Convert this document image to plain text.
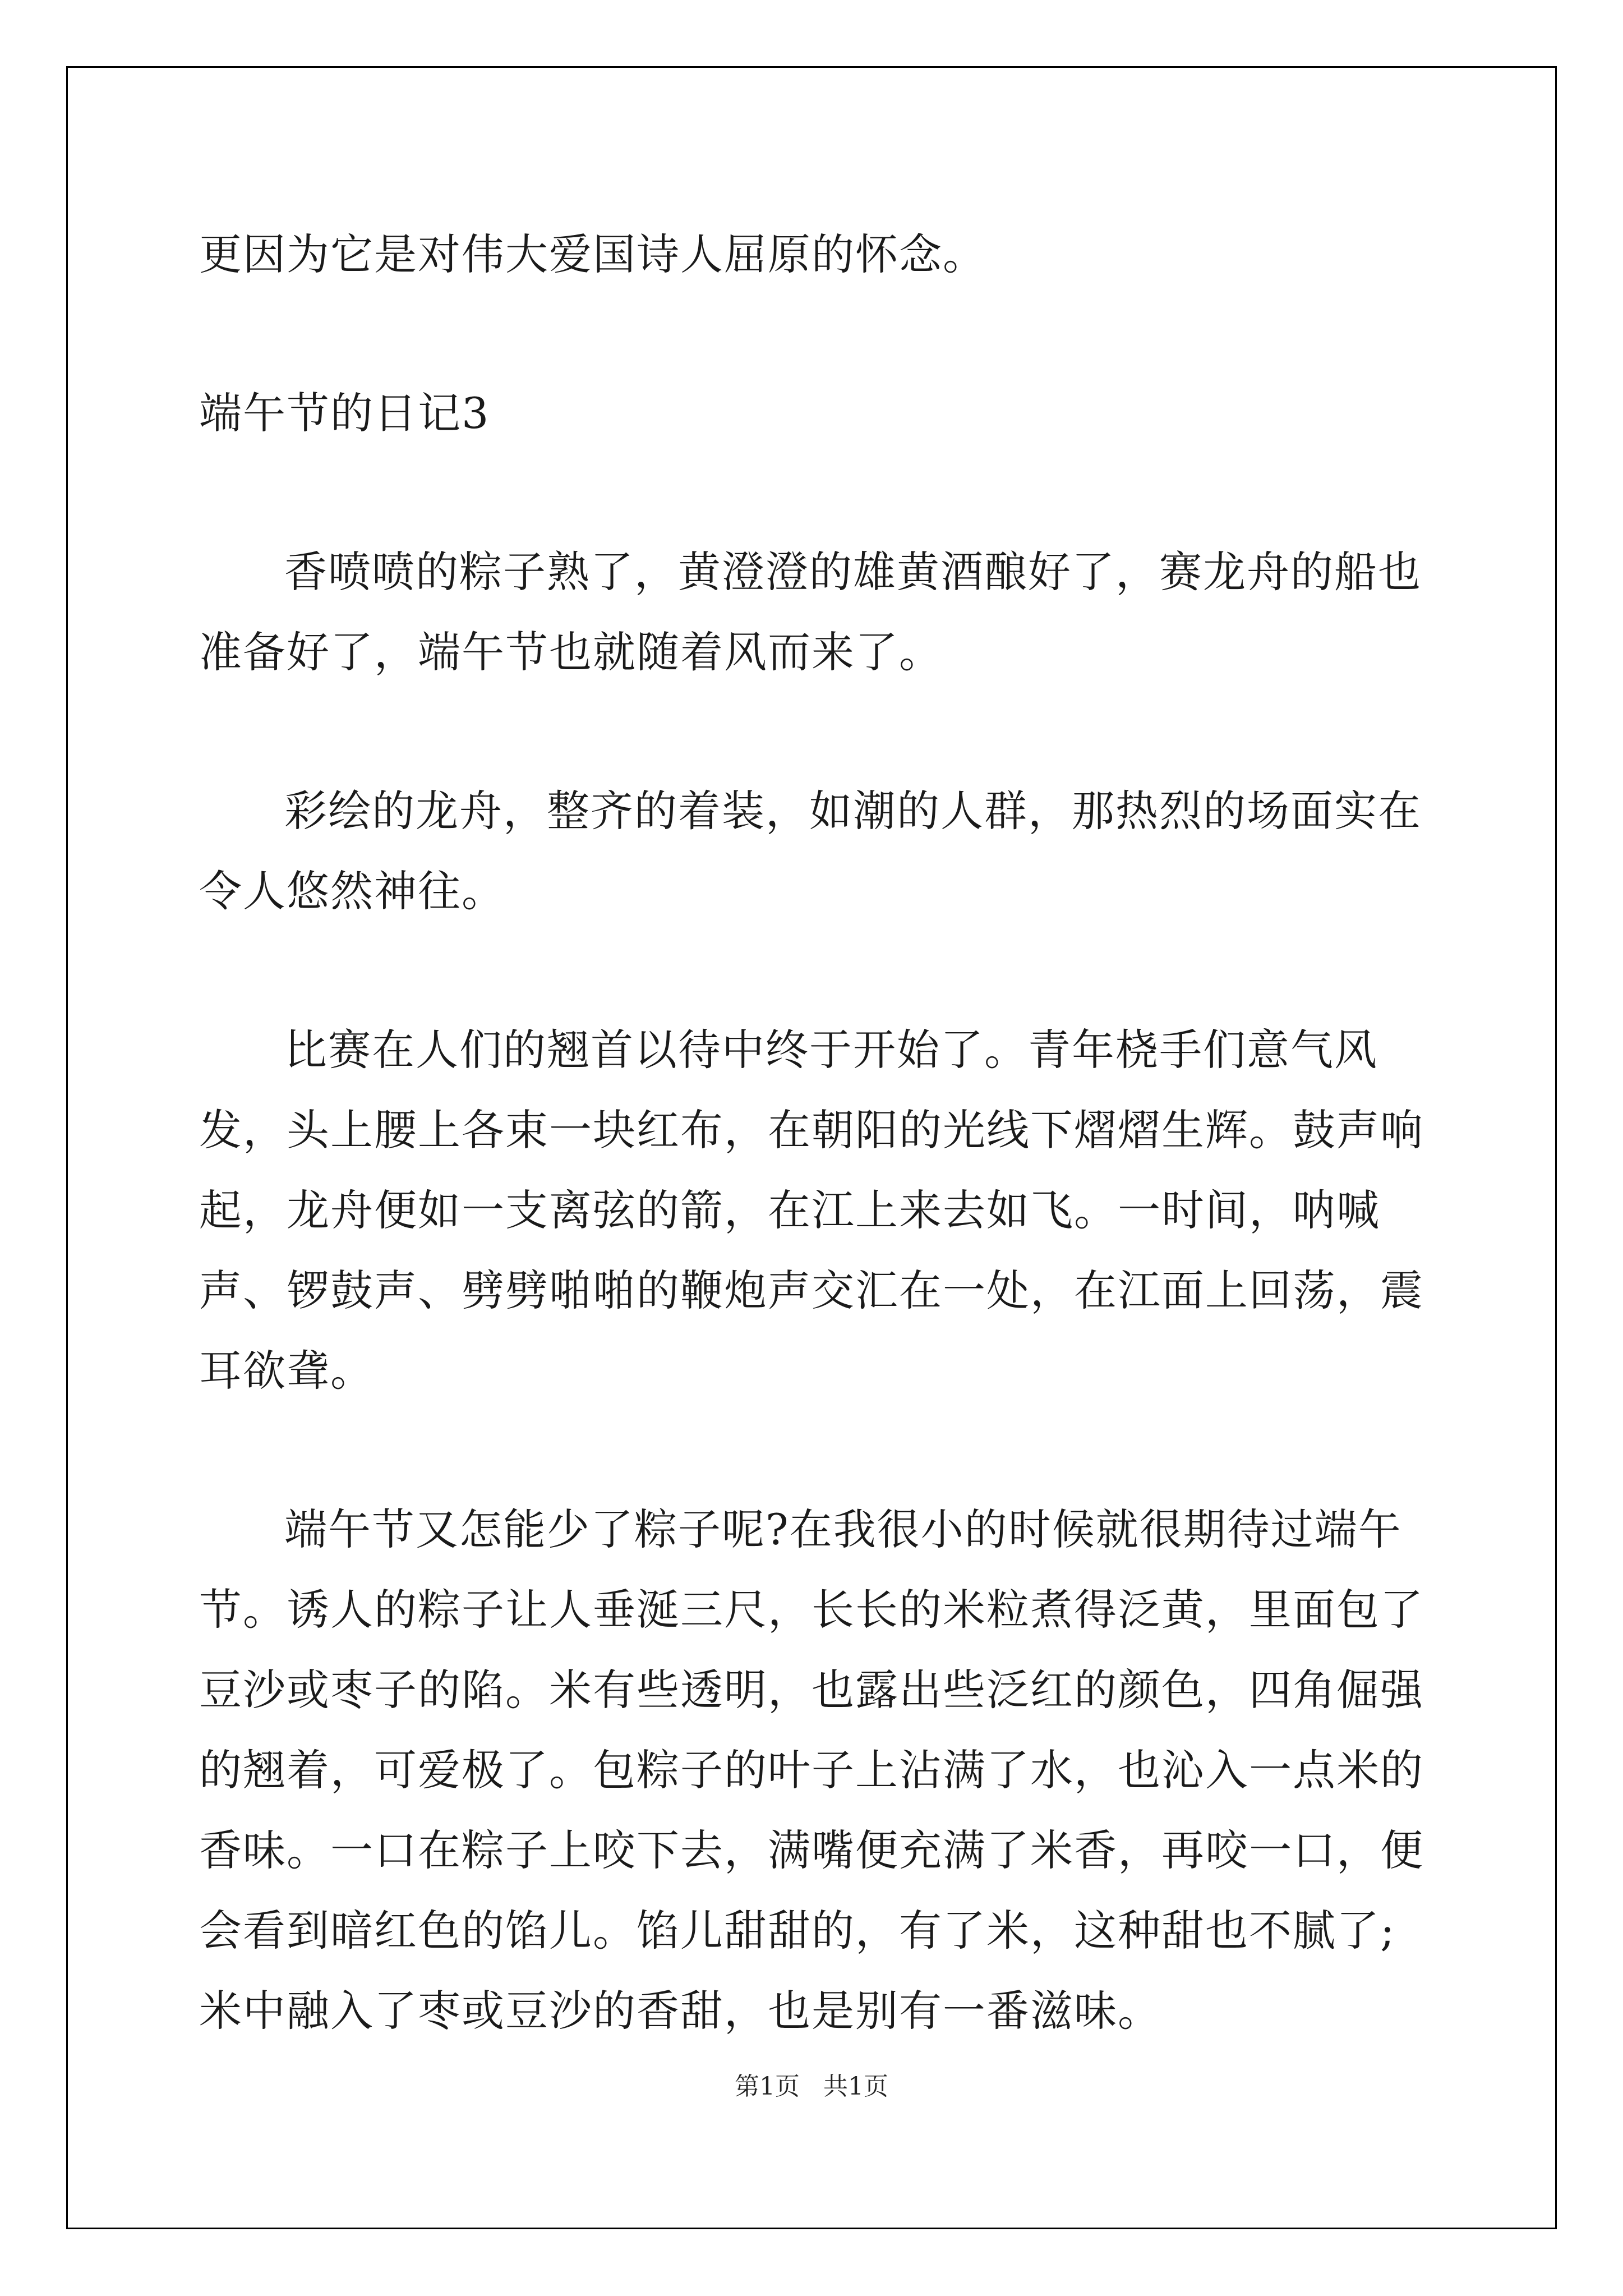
更因为它是对伟大爱国诗人屈原的怀念。

端午节的日记3

香喷喷的粽子熟了，黄澄澄的雄黄酒酿好了，赛龙舟的船也准备好了，端午节也就随着风而来了。

彩绘的龙舟，整齐的着装，如潮的人群，那热烈的场面实在令人悠然神往。

比赛在人们的翘首以待中终于开始了。青年桡手们意气风发，头上腰上各束一块红布，在朝阳的光线下熠熠生辉。鼓声响起，龙舟便如一支离弦的箭，在江上来去如飞。一时间，呐喊声、锣鼓声、劈劈啪啪的鞭炮声交汇在一处，在江面上回荡，震耳欲聋。

端午节又怎能少了粽子呢?在我很小的时候就很期待过端午节。诱人的粽子让人垂涎三尺，长长的米粒煮得泛黄，里面包了豆沙或枣子的陷。米有些透明，也露出些泛红的颜色，四角倔强的翘着，可爱极了。包粽子的叶子上沾满了水，也沁入一点米的香味。一口在粽子上咬下去，满嘴便充满了米香，再咬一口，便会看到暗红色的馅儿。馅儿甜甜的，有了米，这种甜也不腻了;米中融入了枣或豆沙的香甜，也是别有一番滋味。

第1页 共1页
